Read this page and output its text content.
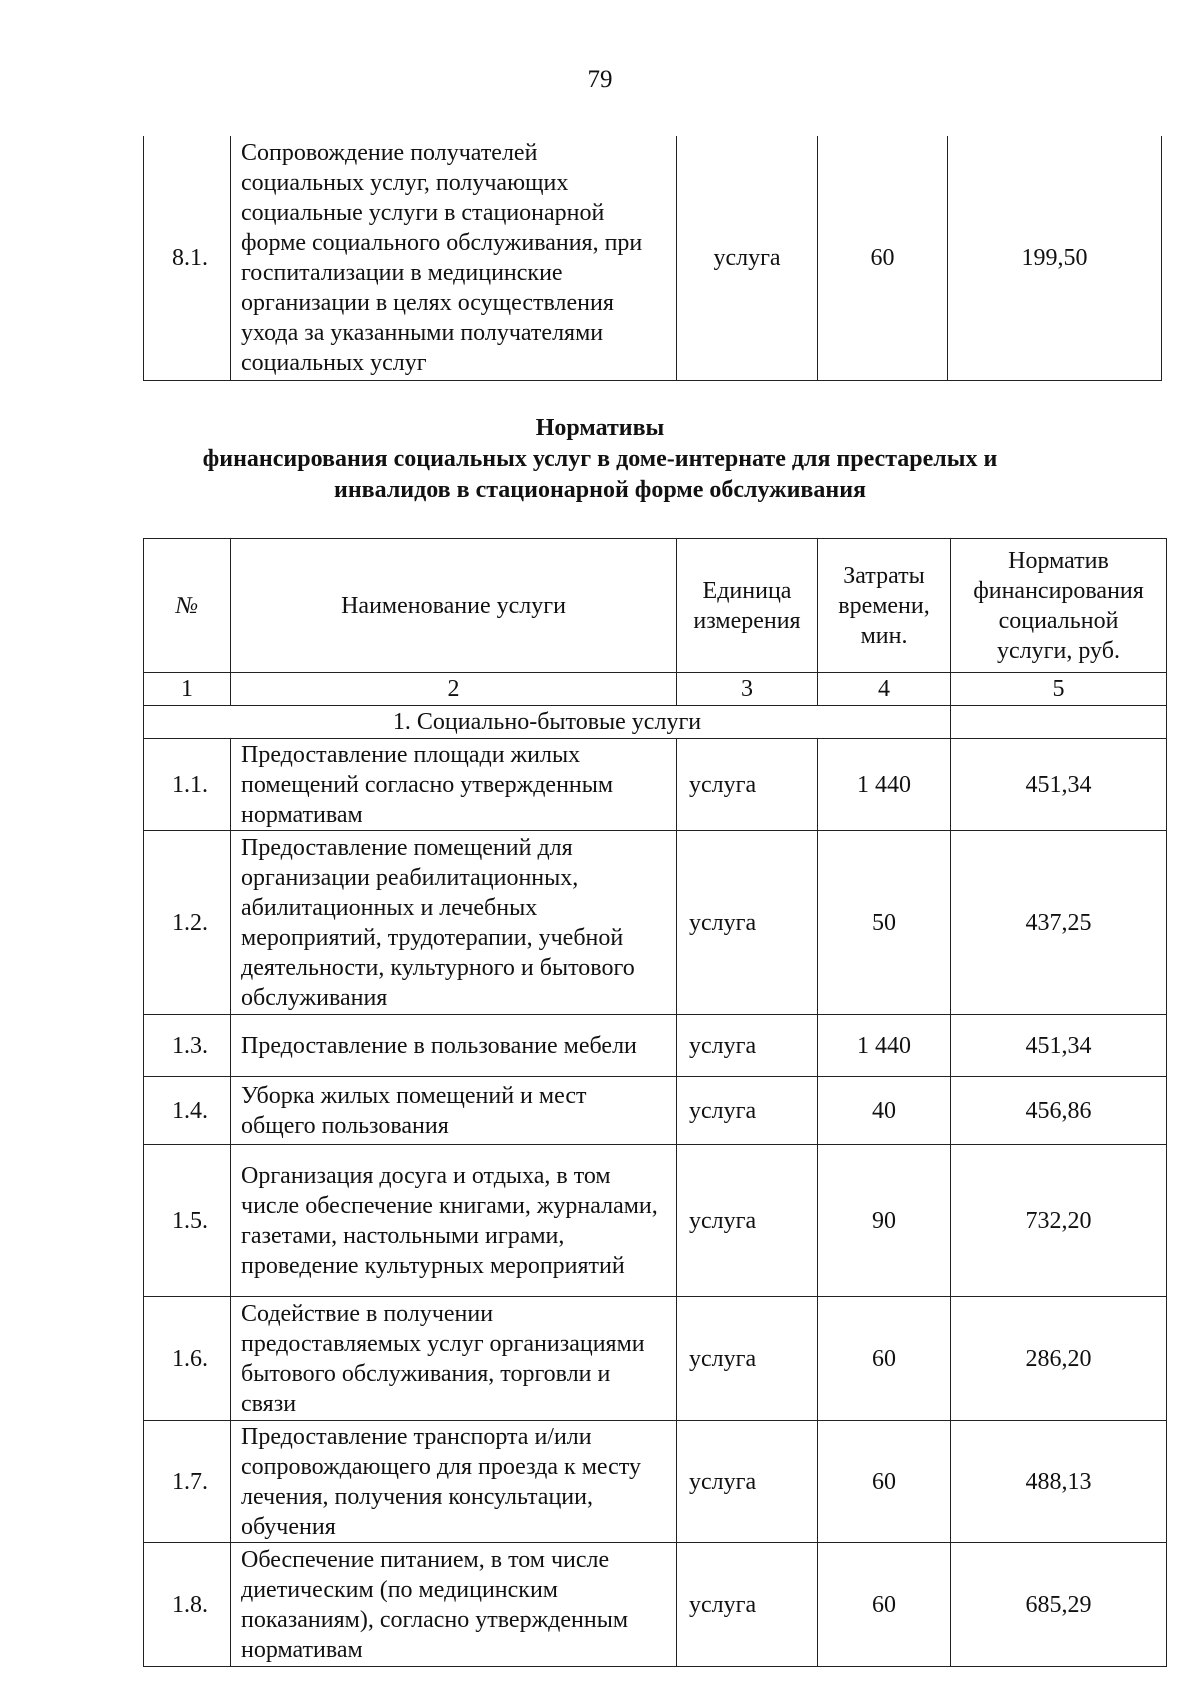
79
8.1.	Сопровождение получателей социальных услуг, получающих социальные услуги в стационарной форме социального обслуживания, при госпитализации в медицинские организации в целях осуществления ухода за указанными получателями социальных услуг	услуга	60	199,50
Нормативы
финансирования социальных услуг в доме-интернате для престарелых и
инвалидов в стационарной форме обслуживания
№	Наименование услуги	Единица измерения	Затраты времени, мин.	Норматив финансирования социальной услуги, руб.
1	2	3	4	5
1. Социально-бытовые услуги				
1.1.	Предоставление площади жилых помещений согласно утвержденным нормативам	услуга	1 440	451,34
1.2.	Предоставление помещений для организации реабилитационных, абилитационных и лечебных мероприятий, трудотерапии, учебной деятельности, культурного и бытового обслуживания	услуга	50	437,25
1.3.	Предоставление в пользование мебели	услуга	1 440	451,34
1.4.	Уборка жилых помещений и мест общего пользования	услуга	40	456,86
1.5.	Организация досуга и отдыха, в том числе обеспечение книгами, журналами, газетами, настольными играми, проведение культурных мероприятий	услуга	90	732,20
1.6.	Содействие в получении предоставляемых услуг организациями бытового обслуживания, торговли и связи	услуга	60	286,20
1.7.	Предоставление транспорта и/или сопровождающего для проезда к месту лечения, получения консультации, обучения	услуга	60	488,13
1.8.	Обеспечение питанием, в том числе диетическим (по медицинским показаниям), согласно утвержденным нормативам	услуга	60	685,29
